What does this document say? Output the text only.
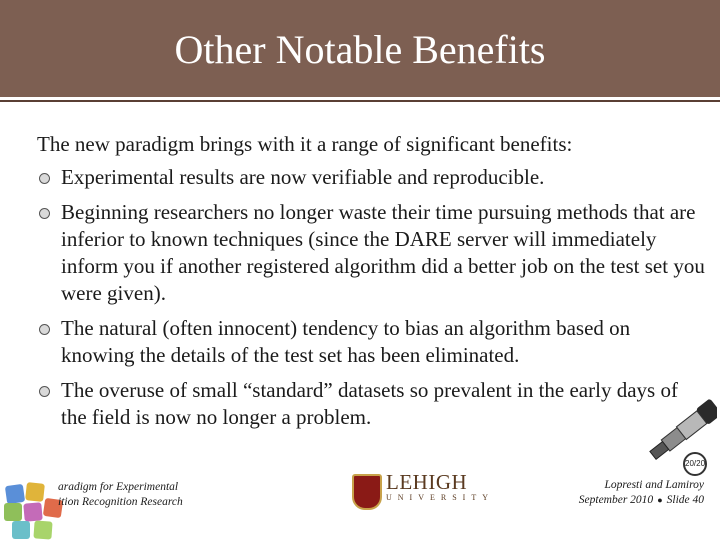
Other Notable Benefits

The new paradigm brings with it a range of significant benefits:

Experimental results are now verifiable and reproducible.
Beginning researchers no longer waste their time pursuing methods that are inferior to known techniques (since the DARE server will immediately inform you if another registered algorithm did a better job on the test set you were given).
The natural (often innocent) tendency to bias an algorithm based on knowing the details of the test set has been eliminated.
The overuse of small “standard” datasets so prevalent in the early days of the field is now no longer a problem.
20/20
aradigm for Experimental
ition Recognition Research
LEHIGH
UNIVERSITY
Lopresti and Lamiroy
September 2010 ● Slide 40
